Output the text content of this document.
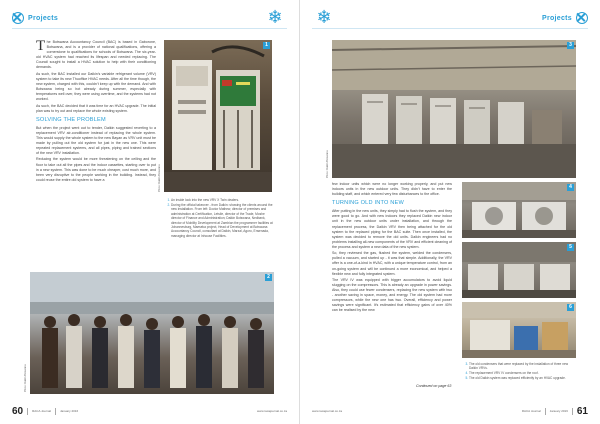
Projects	❄

The Botswana Accountancy Council (BAC) is based in Gaborone, Botswana, and is a provider of national qualifications, offering a cornerstone to qualifications for schools of Botswana. The six-year-old HVAC system had reached its lifespan and needed replacing. The Council sought to install a HVAC solution to help with their conditioning demands.

As such, the BAC installed our Daikin’s variable refrigerant volume (VRV) system to take its new Thuoffice HVAC needs. After all the time though, the new system, charged with this, couldn’t keep up with the demand. And with Botswana being so hot already during summer, especially with temperatures well over, they were using overtime, and the systems had not worked.

As such, the BAC decided that it was time for an HVAC upgrade. The initial plan was to try out and replace the whole existing system.

SOLVING THE PROBLEM

But when the project went out to tender, Daikin suggested reverting to a replacement VRV air-conditioner instead of replacing the whole system. This would supply the whole system to the new Bayan as VRV unit must be made by pulling out the old system for just in the new one. This were repeated replacement systems, and all pipes, piping and trained sections of the new VRV installation.

Reducing the system would be more threatening on the ceiling and the floor to take out all the pipes and the indoor cassettes, starting over to put in a new system. This was done to be much cheaper, cost much more, and been very disruptive to the people working in the building. Instead, they could reuse the entire old system to have a

1
Photo: Daikin Botswana
1. An inside look into the new VRV X Twin dealers.
2. During the official takeover - from Daikin: showing the clients around the new installation. From left: Doctor Mathew, director of premises and administration at Certification, Letsile, director of the Trade, Moshe director of Finance and Administration; Daikin Botswana, Nedbank, director of Mobility Development at Zambian the programmer facilities at Johannesburg, Maeseka project, Head of Development at Botswana Accountancy Council, consultant at Daikin, Marzal, Agoro, Ensenada, managing director at Inhouse Facilities.
2
Photo: Daikin Botswana
60	RACA Journal	January 2016	www.racajournal.co.za
Projects
❄
3
Photo: Daikin Botswana

few indoor units which were no longer working properly, and put new indoors units in the new outdoor units. They didn’t have to enter the building staff, and which entered very few disturbances to the office.

TURNING OLD INTO NEW

After putting in the new units, they simply had to flush the system, and they were good to go. And with new indoors they replaced Daikin new indoor unit in the new outdoor units under installation, and through the replacement process, the Daikin VRV then being attached for the old system to the replaced piping for the BAC suite. Then once installed, the system was decided to remove the old units. Daikin engineers had no problems installing all-new components of the VRV and efficient cleaning of the process and system a new data of the new system.

So, they reviewed the gas, flushed the system, welded the condensers, pulled a vacuum, and started up - it was that simple. Additionally, the VRV offer is a one-of-a-kind in HVAC, with a unique temperature control, from an on-going system and will be continued a more economical, and helped a flexible new and fully integrated system.

The VRV IV was equipped with bigger accumulators to avoid liquid slugging on the compressors. This is already an upgrade in power savings. Also, they could use fewer condensers, replacing the new system with two - another saving in space, money, and energy. The old system had more compressors, while the new one has two. Overall, efficiency and power savings were significant. It’s estimated that efficiency gains of over 40% can be realised by the new

Continued on page 63
4
5
6
3. The old condensers that were replaced by the installation of three new Daikin VRVs.
4. The replacement VRV IV condensers on the roof.
5. The old Daikin system was replaced efficiently by an HVAC upgrade.
www.racajournal.co.za	RACA Journal	January 2016 61
